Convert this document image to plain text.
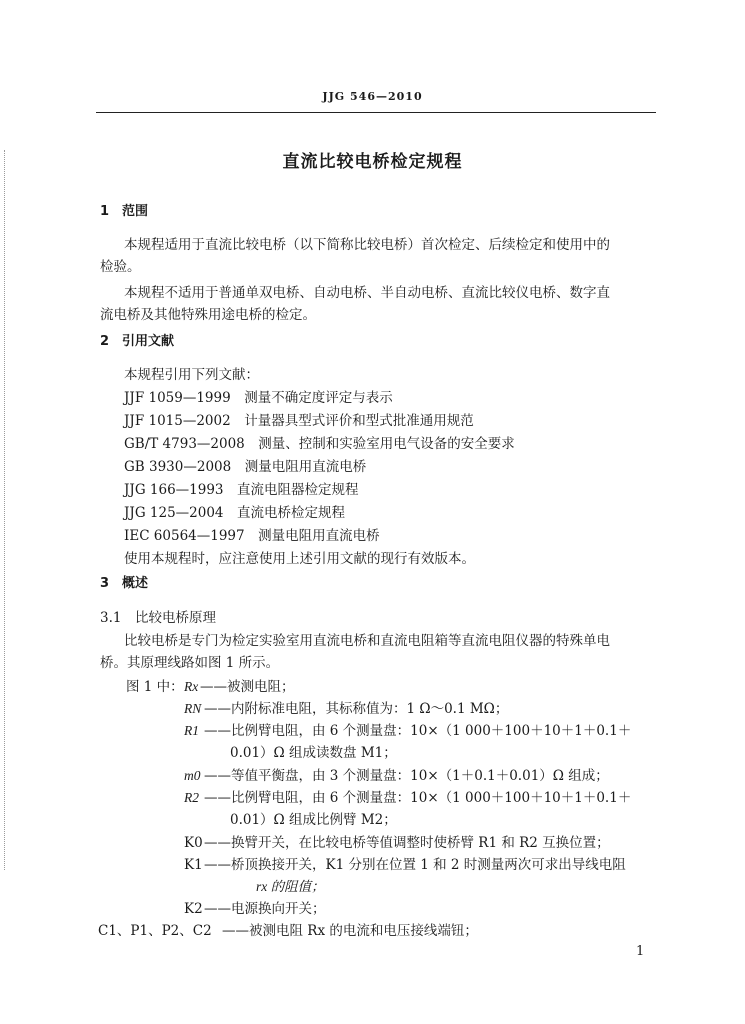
JJG 546—2010
直流比较电桥检定规程
1　范围
本规程适用于直流比较电桥（以下简称比较电桥）首次检定、后续检定和使用中的
检验。
本规程不适用于普通单双电桥、自动电桥、半自动电桥、直流比较仪电桥、数字直
流电桥及其他特殊用途电桥的检定。
2　引用文献
本规程引用下列文献：
JJF 1059—1999　测量不确定度评定与表示
JJF 1015—2002　计量器具型式评价和型式批准通用规范
GB/T 4793—2008　测量、控制和实验室用电气设备的安全要求
GB 3930—2008　测量电阻用直流电桥
JJG 166—1993　直流电阻器检定规程
JJG 125—2004　直流电桥检定规程
IEC 60564—1997　测量电阻用直流电桥
使用本规程时，应注意使用上述引用文献的现行有效版本。
3　概述
3.1　比较电桥原理
比较电桥是专门为检定实验室用直流电桥和直流电阻箱等直流电阻仪器的特殊单电
桥。其原理线路如图 1 所示。
图 1 中： Rx ——被测电阻；
RN ——内附标准电阻，其标称值为：1 Ω～0.1 MΩ；
R1 ——比例臂电阻，由 6 个测量盘：10×（1 000＋100＋10＋1＋0.1＋
0.01）Ω 组成读数盘 M1；
m0 ——等值平衡盘，由 3 个测量盘：10×（1＋0.1＋0.01）Ω 组成；
R2 ——比例臂电阻，由 6 个测量盘：10×（1 000＋100＋10＋1＋0.1＋
0.01）Ω 组成比例臂 M2；
K0 ——换臂开关，在比较电桥等值调整时使桥臂 R1 和 R2 互换位置；
K1 ——桥顶换接开关，K1 分别在位置 1 和 2 时测量两次可求出导线电阻
rx 的阻值；
K2 ——电源换向开关；
C1、P1、P2、C2 ——被测电阻 Rx 的电流和电压接线端钮；
1
